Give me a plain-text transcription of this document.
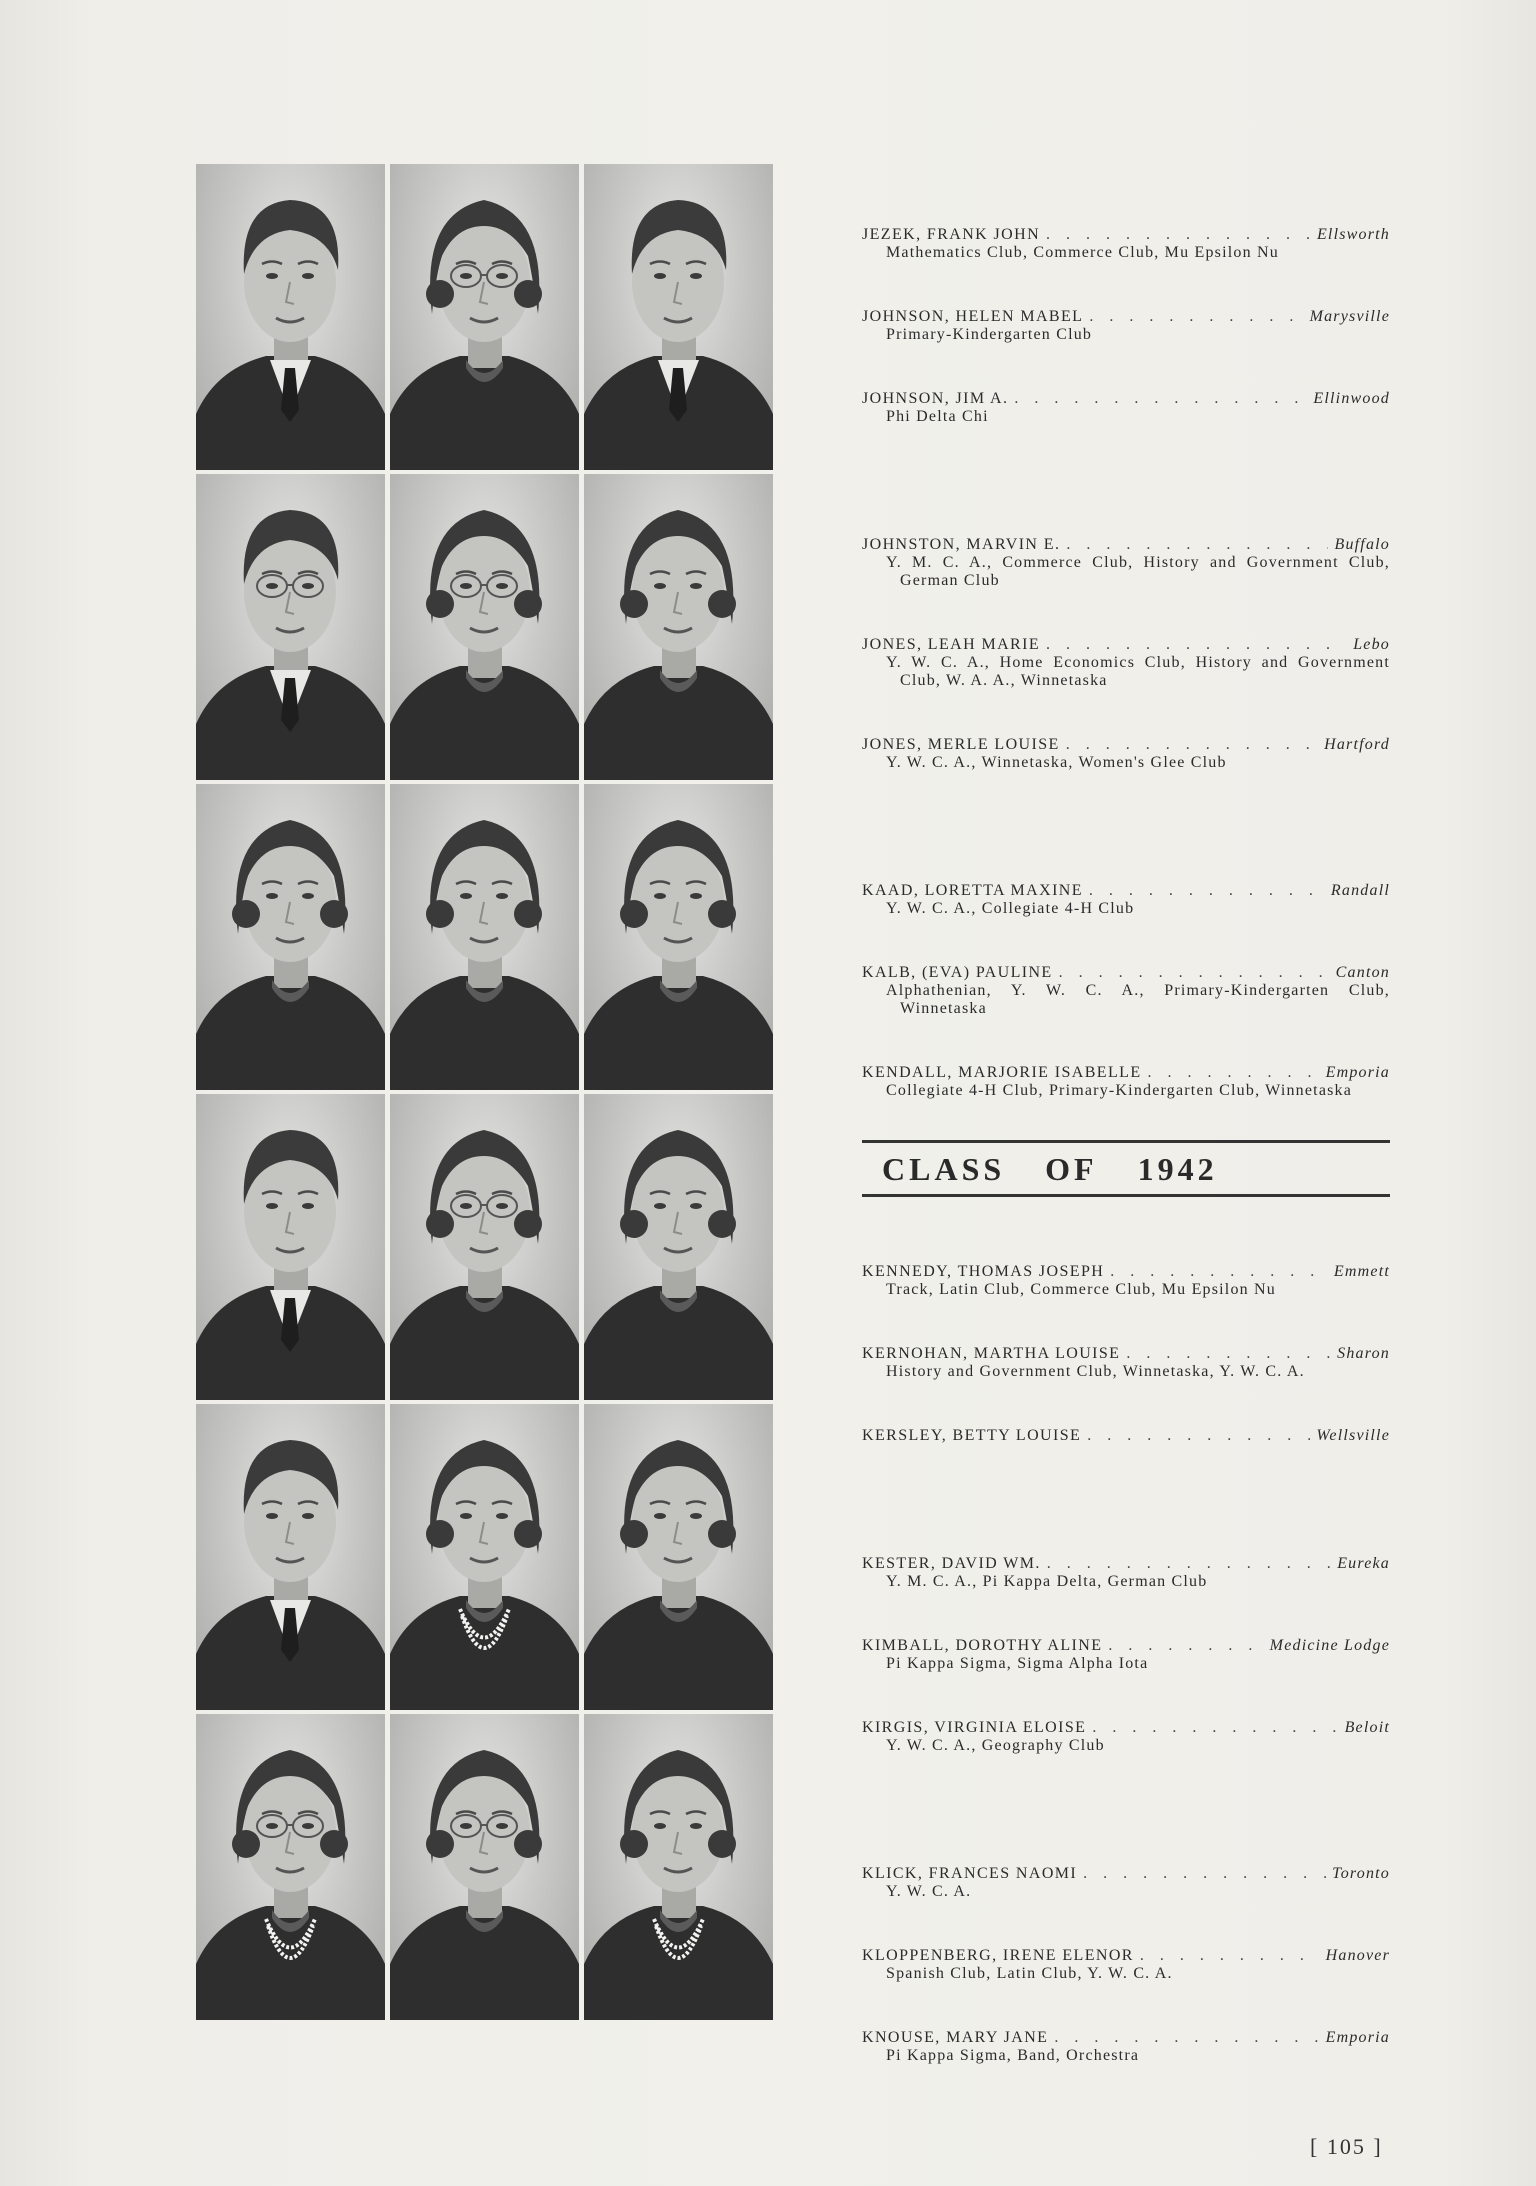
JEZEK, FRANK JOHN . . .	Ellsworth
Mathematics Club, Commerce Club, Mu Epsilon Nu
JOHNSON, HELEN MABEL . . .	Marysville
Primary-Kindergarten Club
JOHNSON, JIM A. . . .	Ellinwood
Phi Delta Chi
JOHNSTON, MARVIN E. . . .	Buffalo
Y. M. C. A., Commerce Club, History and Government Club, German Club
JONES, LEAH MARIE . . .	Lebo
Y. W. C. A., Home Economics Club, History and Government Club, W. A. A., Winnetaska
JONES, MERLE LOUISE . . .	Hartford
Y. W. C. A., Winnetaska, Women's Glee Club
KAAD, LORETTA MAXINE . . .	Randall
Y. W. C. A., Collegiate 4-H Club
KALB, (EVA) PAULINE . . .	Canton
Alphathenian, Y. W. C. A., Primary-Kindergarten Club, Winnetaska
KENDALL, MARJORIE ISABELLE . . .	Emporia
Collegiate 4-H Club, Primary-Kindergarten Club, Winnetaska
CLASS OF 1942
KENNEDY, THOMAS JOSEPH . . .	Emmett
Track, Latin Club, Commerce Club, Mu Epsilon Nu
KERNOHAN, MARTHA LOUISE . . .	Sharon
History and Government Club, Winnetaska, Y. W. C. A.
KERSLEY, BETTY LOUISE . . .	Wellsville
KESTER, DAVID WM. . . .	Eureka
Y. M. C. A., Pi Kappa Delta, German Club
KIMBALL, DOROTHY ALINE . . .	Medicine Lodge
Pi Kappa Sigma, Sigma Alpha Iota
KIRGIS, VIRGINIA ELOISE . . .	Beloit
Y. W. C. A., Geography Club
KLICK, FRANCES NAOMI . . .	Toronto
Y. W. C. A.
KLOPPENBERG, IRENE ELENOR . . .	Hanover
Spanish Club, Latin Club, Y. W. C. A.
KNOUSE, MARY JANE . . .	Emporia
Pi Kappa Sigma, Band, Orchestra
[ 105 ]
